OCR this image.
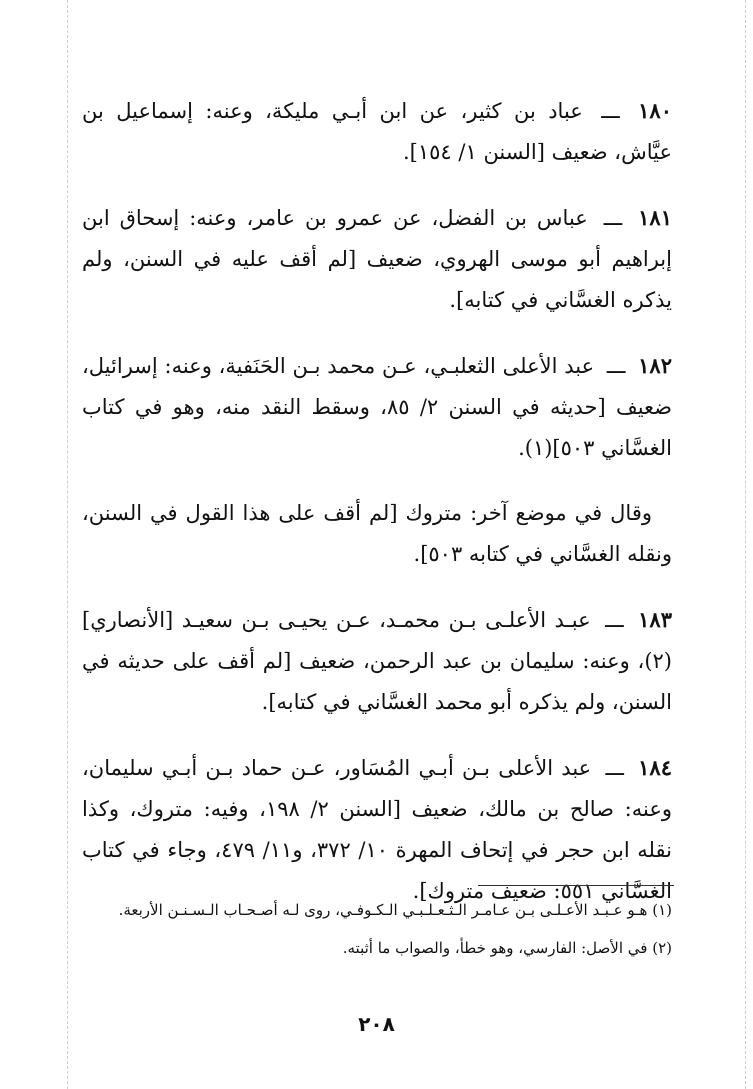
١٨٠ ـــ عباد بن كثير، عن ابن أبـي مليكة، وعنه: إسماعيل بن عيَّاش، ضعيف [السنن ١/ ١٥٤].

١٨١ ـــ عباس بن الفضل، عن عمرو بن عامر، وعنه: إسحاق ابن إبراهيم أبو موسى الهروي، ضعيف [لم أقف عليه في السنن، ولم يذكره الغسَّاني في كتابه].

١٨٢ ـــ عبد الأعلى الثعلبـي، عـن محمد بـن الحَنَفية، وعنه: إسرائيل، ضعيف [حديثه في السنن ٢/ ٨٥، وسقط النقد منه، وهو في كتاب الغسَّاني ٥٠٣](١).

وقال في موضع آخر: متروك [لم أقف على هذا القول في السنن، ونقله الغسَّاني في كتابه ٥٠٣].

١٨٣ ـــ عبـد الأعلـى بـن محمـد، عـن يحيـى بـن سعيـد [الأنصاري](٢)، وعنه: سليمان بن عبد الرحمن، ضعيف [لم أقف على حديثه في السنن، ولم يذكره أبو محمد الغسَّاني في كتابه].

١٨٤ ـــ عبد الأعلى بـن أبـي المُسَاور، عـن حماد بـن أبـي سليمان، وعنه: صالح بن مالك، ضعيف [السنن ٢/ ١٩٨، وفيه: متروك، وكذا نقله ابن حجر في إتحاف المهرة ١٠/ ٣٧٢، و١١/ ٤٧٩، وجاء في كتاب الغسَّاني ٥٥١: ضعيف متروك].

(١) هـو عـبـد الأعـلـى بـن عـامـر الـثـعـلـبـي الـكـوفـي، روى لـه أصـحـاب الـسـنـن الأربعة.

(٢) في الأصل: الفارسي، وهو خطأ، والصواب ما أثبته.

٢٠٨
